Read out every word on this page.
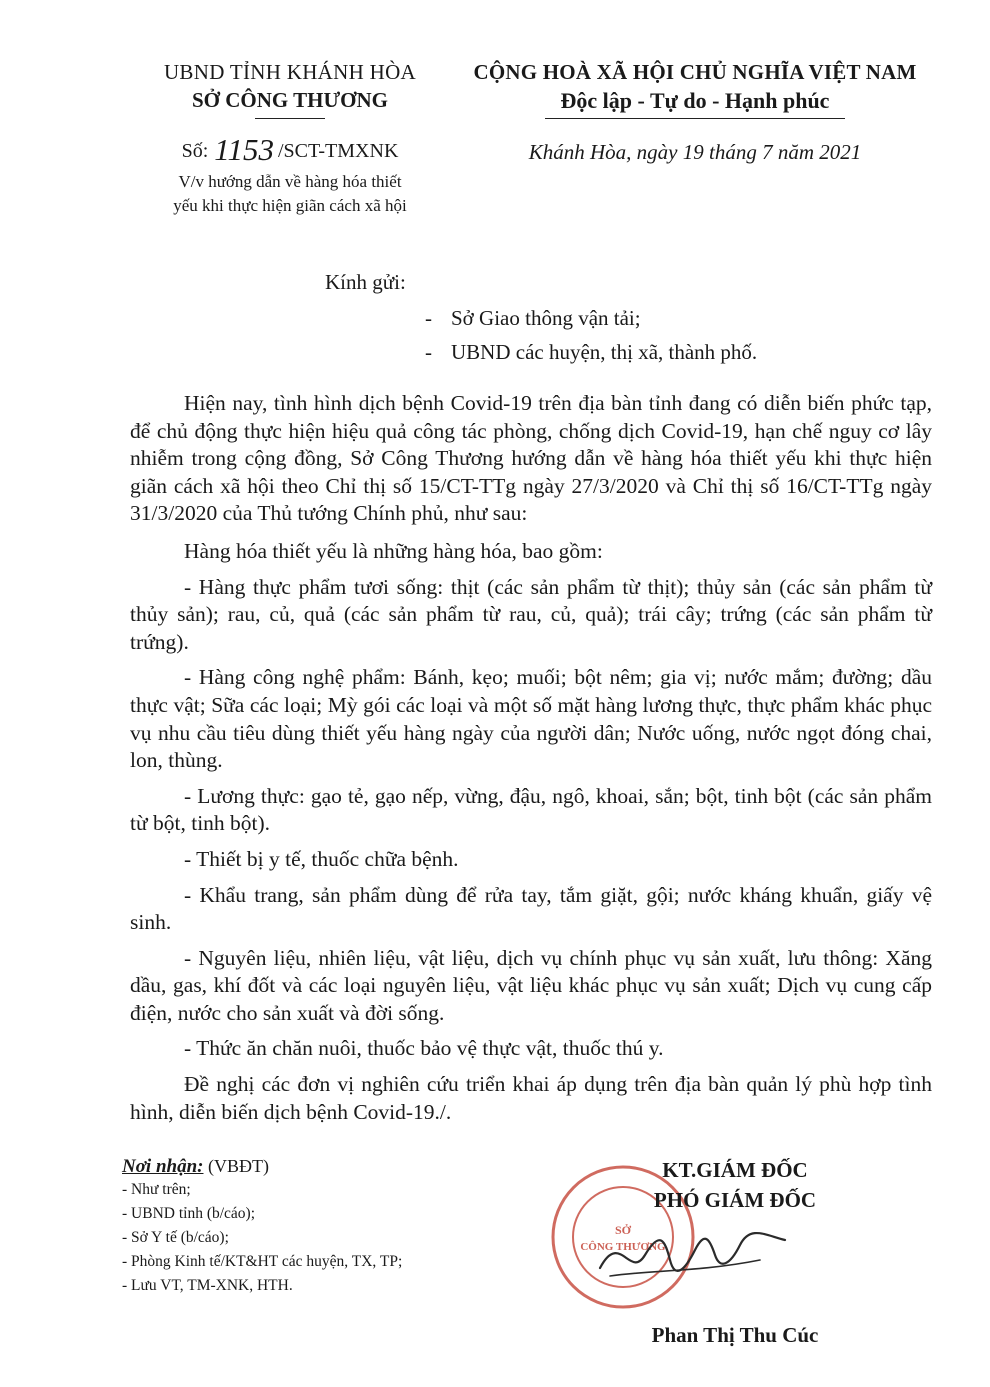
UBND TỈNH KHÁNH HÒA
SỞ CÔNG THƯƠNG
Số: 1153 /SCT-TMXNK
V/v hướng dẫn về hàng hóa thiết
yếu khi thực hiện giãn cách xã hội
CỘNG HOÀ XÃ HỘI CHỦ NGHĨA VIỆT NAM
Độc lập - Tự do - Hạnh phúc
Khánh Hòa, ngày 19 tháng 7 năm 2021
Kính gửi:
- Sở Giao thông vận tải;
- UBND các huyện, thị xã, thành phố.

Hiện nay, tình hình dịch bệnh Covid-19 trên địa bàn tỉnh đang có diễn biến phức tạp, để chủ động thực hiện hiệu quả công tác phòng, chống dịch Covid-19, hạn chế nguy cơ lây nhiễm trong cộng đồng, Sở Công Thương hướng dẫn về hàng hóa thiết yếu khi thực hiện giãn cách xã hội theo Chỉ thị số 15/CT-TTg ngày 27/3/2020 và Chỉ thị số 16/CT-TTg ngày 31/3/2020 của Thủ tướng Chính phủ, như sau:

Hàng hóa thiết yếu là những hàng hóa, bao gồm:

- Hàng thực phẩm tươi sống: thịt (các sản phẩm từ thịt); thủy sản (các sản phẩm từ thủy sản); rau, củ, quả (các sản phẩm từ rau, củ, quả); trái cây; trứng (các sản phẩm từ trứng).

- Hàng công nghệ phẩm: Bánh, kẹo; muối; bột nêm; gia vị; nước mắm; đường; dầu thực vật; Sữa các loại; Mỳ gói các loại và một số mặt hàng lương thực, thực phẩm khác phục vụ nhu cầu tiêu dùng thiết yếu hàng ngày của người dân; Nước uống, nước ngọt đóng chai, lon, thùng.

- Lương thực: gạo tẻ, gạo nếp, vừng, đậu, ngô, khoai, sắn; bột, tinh bột (các sản phẩm từ bột, tinh bột).

- Thiết bị y tế, thuốc chữa bệnh.

- Khẩu trang, sản phẩm dùng để rửa tay, tắm giặt, gội; nước kháng khuẩn, giấy vệ sinh.

- Nguyên liệu, nhiên liệu, vật liệu, dịch vụ chính phục vụ sản xuất, lưu thông: Xăng dầu, gas, khí đốt và các loại nguyên liệu, vật liệu khác phục vụ sản xuất; Dịch vụ cung cấp điện, nước cho sản xuất và đời sống.

- Thức ăn chăn nuôi, thuốc bảo vệ thực vật, thuốc thú y.

Đề nghị các đơn vị nghiên cứu triển khai áp dụng trên địa bàn quản lý phù hợp tình hình, diễn biến dịch bệnh Covid-19./.

Nơi nhận: (VBĐT)
- Như trên;
- UBND tỉnh (b/cáo);
- Sở Y tế (b/cáo);
- Phòng Kinh tế/KT&HT các huyện, TX, TP;
- Lưu VT, TM-XNK, HTH.
SỞ
CÔNG THƯƠNG
KT.GIÁM ĐỐC
PHÓ GIÁM ĐỐC
Phan Thị Thu Cúc
